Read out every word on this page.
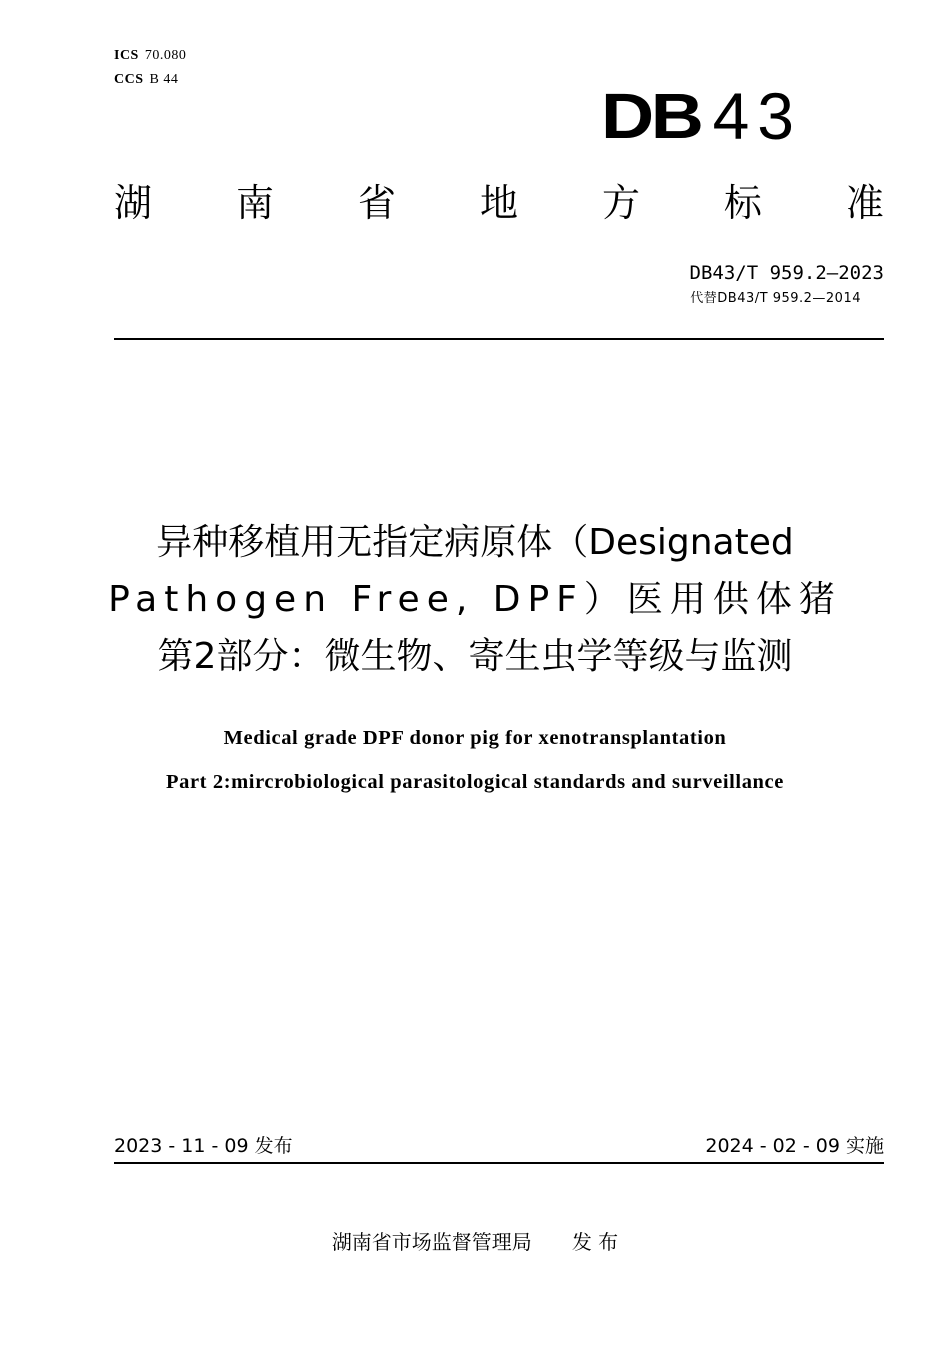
ICS 70.080
CCS B 44
DB 43
湖 南 省 地 方 标 准
DB43/T 959.2—2023
代替DB43/T 959.2—2014
异种移植用无指定病原体（Designated
Pathogen Free, DPF）医用供体猪
第2部分：微生物、寄生虫学等级与监测
Medical grade DPF donor pig for xenotransplantation
Part 2:mircrobiological parasitological standards and surveillance
2023 - 11 - 09 发布	2024 - 02 - 09 实施
湖南省市场监督管理局 发 布
